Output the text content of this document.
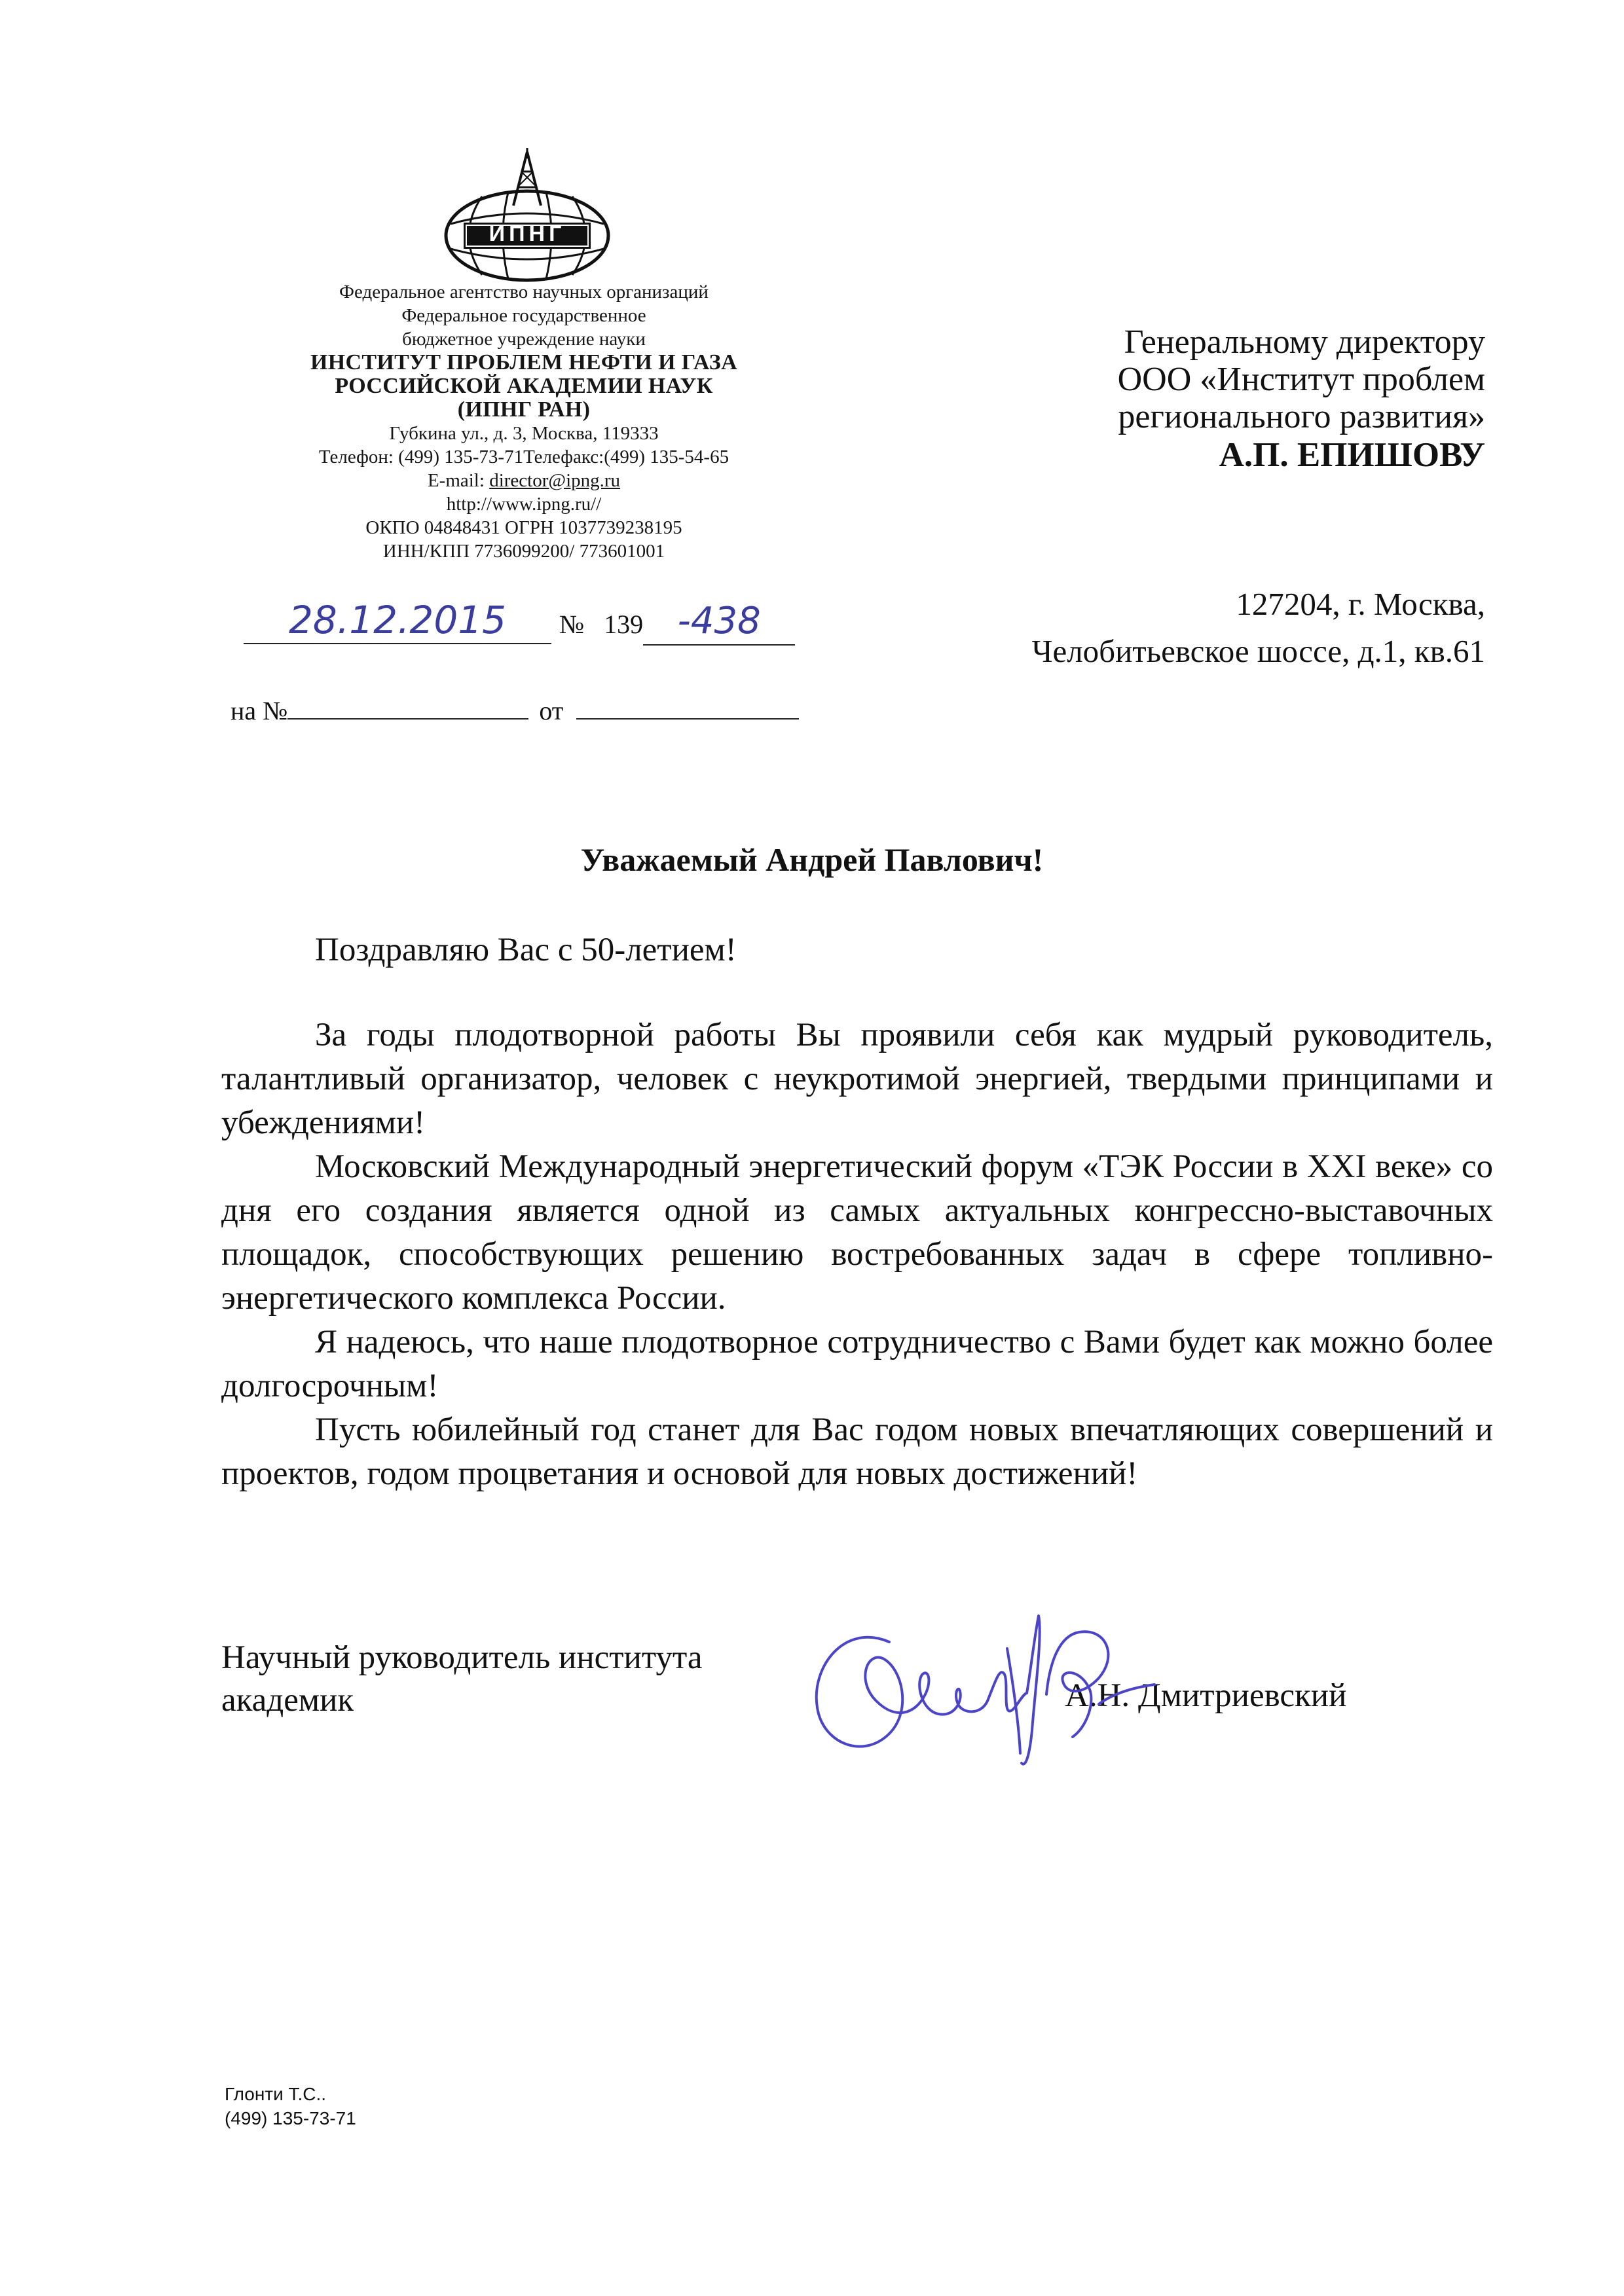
ИПНГ
Федеральное агентство научных организаций
Федеральное государственное
бюджетное учреждение науки
ИНСТИТУТ ПРОБЛЕМ НЕФТИ И ГАЗА
РОССИЙСКОЙ АКАДЕМИИ НАУК
(ИПНГ РАН)
Губкина ул., д. 3, Москва, 119333
Телефон: (499) 135-73-71Телефакс:(499) 135-54-65
E-mail: director@ipng.ru
http://www.ipng.ru//
ОКПО 04848431 ОГРН 1037739238195
ИНН/КПП 7736099200/ 773601001
28.12.2015 № 139 -438
на №	от
Генеральному директору
ООО «Институт проблем
регионального развития»
А.П. ЕПИШОВУ
127204, г. Москва,
Челобитьевское шоссе, д.1, кв.61
Уважаемый Андрей Павлович!

Поздравляю Вас с 50-летием!

За годы плодотворной работы Вы проявили себя как мудрый руководитель, талантливый организатор, человек с неукротимой энергией, твердыми принципами и убеждениями!

Московский Международный энергетический форум «ТЭК России в XXI веке» со дня его создания является одной из самых актуальных конгрессно-выставочных площадок, способствующих решению востребованных задач в сфере топливно-энергетического комплекса России.

Я надеюсь, что наше плодотворное сотрудничество с Вами будет как можно более долгосрочным!

Пусть юбилейный год станет для Вас годом новых впечатляющих совершений и проектов, годом процветания и основой для новых достижений!

Научный руководитель института
академик	А.Н. Дмитриевский
Глонти Т.С..
(499) 135-73-71
